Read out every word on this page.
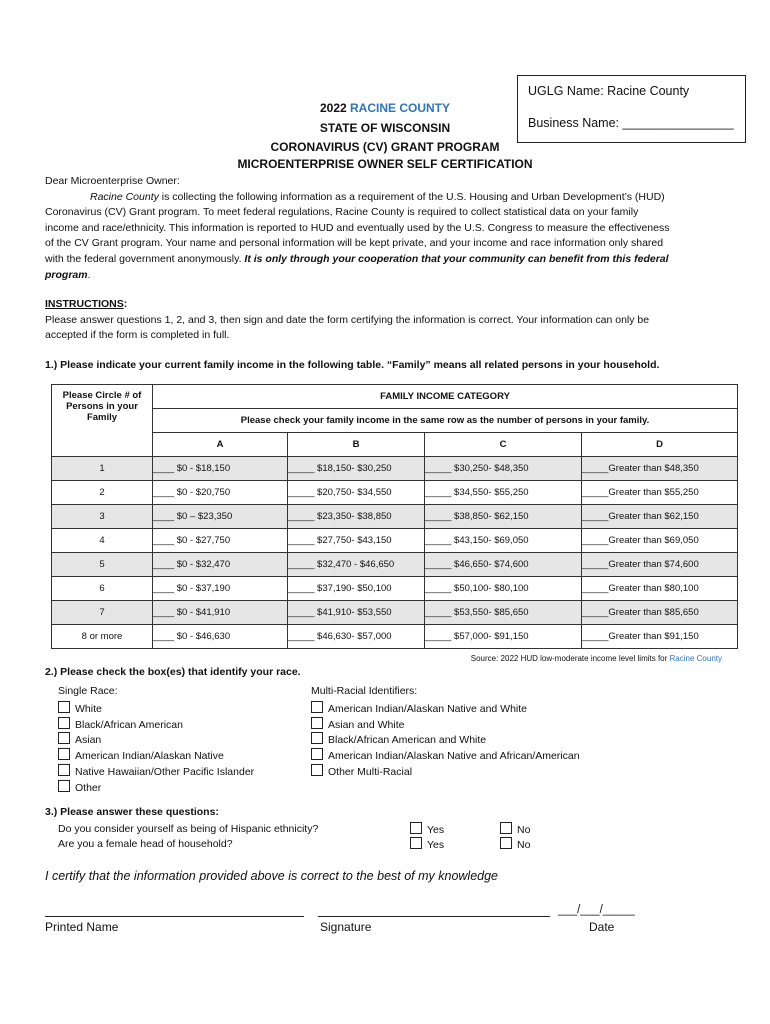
UGLG Name: Racine County
Business Name: ________________
2022 RACINE COUNTY
STATE OF WISCONSIN
CORONAVIRUS (CV) GRANT PROGRAM
MICROENTERPRISE OWNER SELF CERTIFICATION
Dear Microenterprise Owner:
Racine County is collecting the following information as a requirement of the U.S. Housing and Urban Development’s (HUD)
Coronavirus (CV) Grant program. To meet federal regulations, Racine County is required to collect statistical data on your family
income and race/ethnicity. This information is reported to HUD and eventually used by the U.S. Congress to measure the effectiveness
of the CV Grant program. Your name and personal information will be kept private, and your income and race information only shared
with the federal government anonymously. It is only through your cooperation that your community can benefit from this federal
program.
INSTRUCTIONS:
Please answer questions 1, 2, and 3, then sign and date the form certifying the information is correct. Your information can only be
accepted if the form is completed in full.
1.) Please indicate your current family income in the following table. “Family” means all related persons in your household.
Please Circle # of Persons in your Family	FAMILY INCOME CATEGORY			
	Please check your family income in the same row as the number of persons in your family.			
	A	B	C	D
1	____ $0 - $18,150	_____ $18,150- $30,250	_____ $30,250- $48,350	_____Greater than $48,350
2	____ $0 - $20,750	_____ $20,750- $34,550	_____ $34,550- $55,250	_____Greater than $55,250
3	____ $0 – $23,350	_____ $23,350- $38,850	_____ $38,850- $62,150	_____Greater than $62,150
4	____ $0 - $27,750	_____ $27,750- $43,150	_____ $43,150- $69,050	_____Greater than $69,050
5	____ $0 - $32,470	_____ $32,470 - $46,650	_____ $46,650- $74,600	_____Greater than $74,600
6	____ $0 - $37,190	_____ $37,190- $50,100	_____ $50,100- $80,100	_____Greater than $80,100
7	____ $0 - $41,910	_____ $41,910- $53,550	_____ $53,550- $85,650	_____Greater than $85,650
8 or more	____ $0 - $46,630	_____ $46,630- $57,000	_____ $57,000- $91,150	_____Greater than $91,150
Source: 2022 HUD low-moderate income level limits for Racine County
2.) Please check the box(es) that identify your race.
Single Race:
White
Black/African American
Asian
American Indian/Alaskan Native
Native Hawaiian/Other Pacific Islander
Other
Multi-Racial Identifiers:
American Indian/Alaskan Native and White
Asian and White
Black/African American and White
American Indian/Alaskan Native and African/American
Other Multi-Racial
3.) Please answer these questions:
Do you consider yourself as being of Hispanic ethnicity?	Yes	No
Are you a female head of household?	Yes	No
I certify that the information provided above is correct to the best of my knowledge
___/___/_____
Printed Name	Signature	Date
